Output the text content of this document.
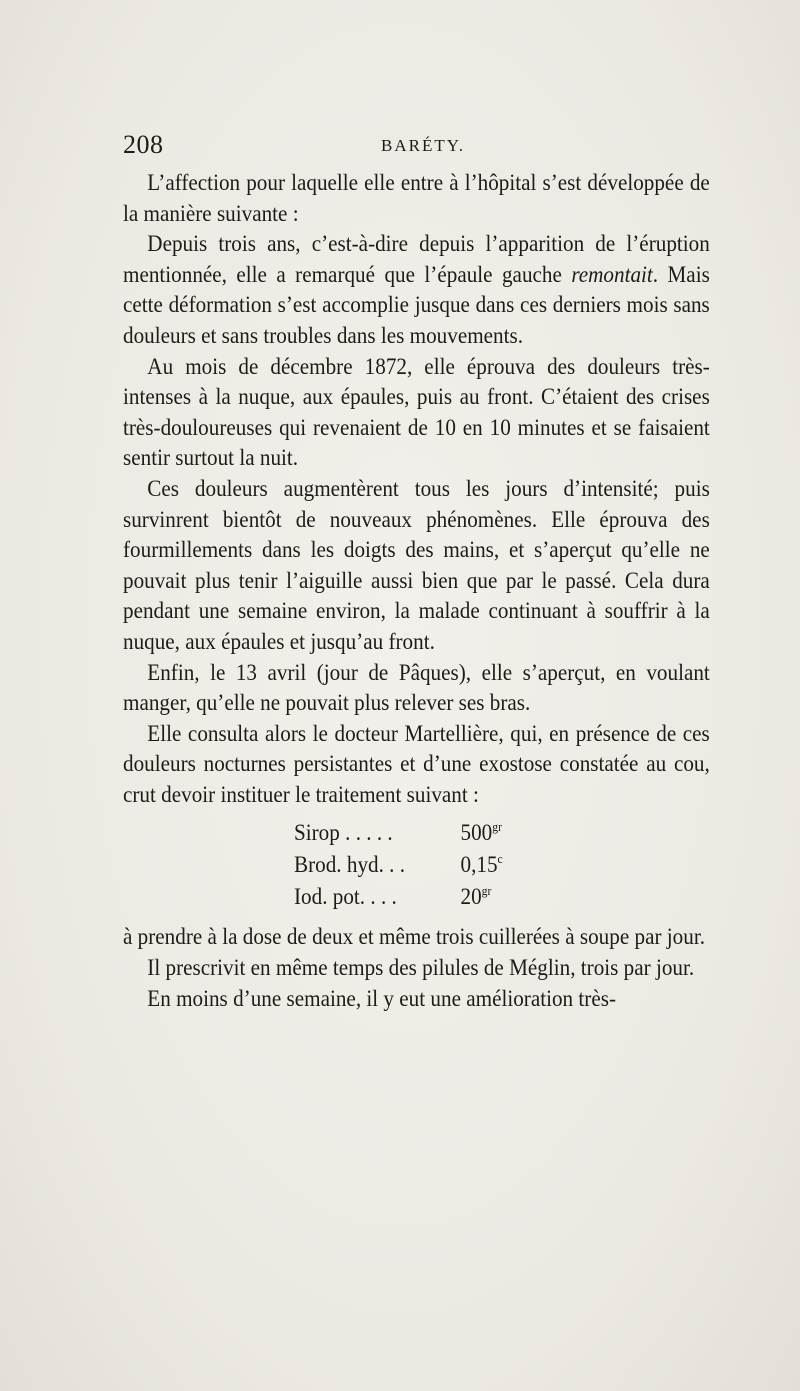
208	BARÉTY.

L’affection pour laquelle elle entre à l’hôpital s’est développée de la manière suivante :

Depuis trois ans, c’est-à-dire depuis l’apparition de l’éruption mentionnée, elle a remarqué que l’épaule gauche remontait. Mais cette déformation s’est accomplie jusque dans ces derniers mois sans douleurs et sans troubles dans les mouvements.

Au mois de décembre 1872, elle éprouva des douleurs très-intenses à la nuque, aux épaules, puis au front. C’étaient des crises très-douloureuses qui revenaient de 10 en 10 minutes et se faisaient sentir surtout la nuit.

Ces douleurs augmentèrent tous les jours d’intensité; puis survinrent bientôt de nouveaux phénomènes. Elle éprouva des fourmillements dans les doigts des mains, et s’aperçut qu’elle ne pouvait plus tenir l’aiguille aussi bien que par le passé. Cela dura pendant une semaine environ, la malade continuant à souffrir à la nuque, aux épaules et jusqu’au front.

Enfin, le 13 avril (jour de Pâques), elle s’aperçut, en voulant manger, qu’elle ne pouvait plus relever ses bras.

Elle consulta alors le docteur Martellière, qui, en présence de ces douleurs nocturnes persistantes et d’une exostose constatée au cou, crut devoir instituer le traitement suivant :

Sirop . . . . .	$500^{gr}$
Brod. hyd. . .	0,15$^c$
Iod. pot. . . .	$20^{gr}$

à prendre à la dose de deux et même trois cuillerées à soupe par jour.

Il prescrivit en même temps des pilules de Méglin, trois par jour.

En moins d’une semaine, il y eut une amélioration très-
